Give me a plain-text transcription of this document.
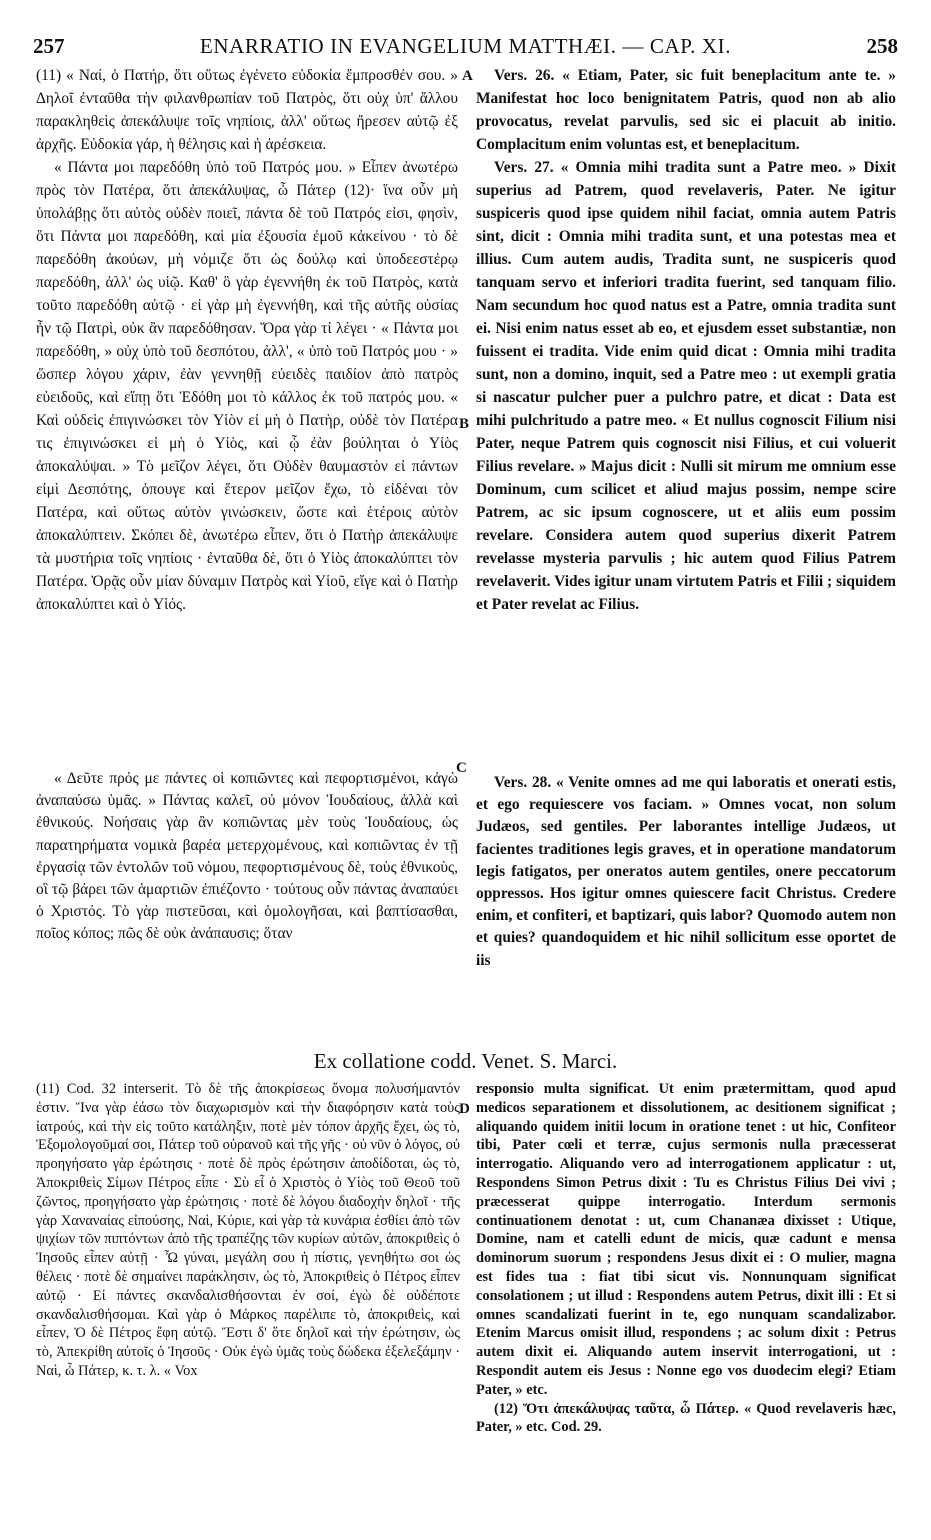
257	ENARRATIO IN EVANGELIUM MATTHÆI. — CAP. XI.	258

(11) « Ναί, ὁ Πατήρ, ὅτι οὕτως ἐγένετο εὐδοκία ἔμπροσθέν σου. » Δηλοῖ ἐνταῦθα τὴν φιλανθρωπίαν τοῦ Πατρὸς, ὅτι οὐχ ὑπ' ἄλλου παρακληθεὶς ἀπεκάλυψε τοῖς νηπίοις, ἀλλ' οὕτως ἤρεσεν αὐτῷ ἐξ ἀρχῆς. Εὐδοκία γάρ, ἡ θέλησις καὶ ἡ ἀρέσκεια.

« Πάντα μοι παρεδόθη ὑπὸ τοῦ Πατρός μου. » Εἶπεν ἀνωτέρω πρὸς τὸν Πατέρα, ὅτι ἀπεκάλυψας, ὦ Πάτερ (12)· ἵνα οὖν μὴ ὑπολάβῃς ὅτι αὐτὸς οὐδὲν ποιεῖ, πάντα δὲ τοῦ Πατρός εἰσι, φησὶν, ὅτι Πάντα μοι παρεδόθη, καὶ μία ἐξουσία ἐμοῦ κἀκείνου · τὸ δὲ παρεδόθη ἀκούων, μὴ νόμιζε ὅτι ὡς δούλῳ καὶ ὑποδεεστέρῳ παρεδόθη, ἀλλ' ὡς υἱῷ. Καθ' ὃ γὰρ ἐγεννήθη ἐκ τοῦ Πατρὸς, κατὰ τοῦτο παρεδόθη αὐτῷ · εἰ γὰρ μὴ ἐγεννήθη, καὶ τῆς αὐτῆς οὐσίας ἦν τῷ Πατρὶ, οὐκ ἂν παρεδόθησαν. Ὅρα γὰρ τί λέγει · « Πάντα μοι παρεδόθη, » οὐχ ὑπὸ τοῦ δεσπότου, ἀλλ', « ὑπὸ τοῦ Πατρός μου · » ὥσπερ λόγου χάριν, ἐὰν γεννηθῇ εὐειδὲς παιδίον ἀπὸ πατρὸς εὐειδοῦς, καὶ εἴπῃ ὅτι Ἐδόθη μοι τὸ κάλλος ἐκ τοῦ πατρός μου. « Καὶ οὐδεὶς ἐπιγινώσκει τὸν Υἱὸν εἰ μὴ ὁ Πατὴρ, οὐδὲ τὸν Πατέρα τις ἐπιγινώσκει εἰ μὴ ὁ Υἱὸς, καὶ ᾧ ἐὰν βούληται ὁ Υἱὸς ἀποκαλύψαι. » Τὸ μεῖζον λέγει, ὅτι Οὐδὲν θαυμαστὸν εἰ πάντων εἰμὶ Δεσπότης, ὁπουγε καὶ ἕτερον μεῖζον ἔχω, τὸ εἰδέναι τὸν Πατέρα, καὶ οὕτως αὐτὸν γινώσκειν, ὥστε καὶ ἑτέροις αὐτὸν ἀποκαλύπτειν. Σκόπει δὲ, ἀνωτέρω εἶπεν, ὅτι ὁ Πατὴρ ἀπεκάλυψε τὰ μυστήρια τοῖς νηπίοις · ἐνταῦθα δὲ, ὅτι ὁ Υἱὸς ἀποκαλύπτει τὸν Πατέρα. Ὁρᾷς οὖν μίαν δύναμιν Πατρὸς καὶ Υἱοῦ, εἴγε καὶ ὁ Πατὴρ ἀποκαλύπτει καὶ ὁ Υἱός.

A
B
C
D

Vers. 26. « Etiam, Pater, sic fuit beneplacitum ante te. » Manifestat hoc loco benignitatem Patris, quod non ab alio provocatus, revelat parvulis, sed sic ei placuit ab initio. Complacitum enim voluntas est, et beneplacitum.

Vers. 27. « Omnia mihi tradita sunt a Patre meo. » Dixit superius ad Patrem, quod revelaveris, Pater. Ne igitur suspiceris quod ipse quidem nihil faciat, omnia autem Patris sint, dicit : Omnia mihi tradita sunt, et una potestas mea et illius. Cum autem audis, Tradita sunt, ne suspiceris quod tanquam servo et inferiori tradita fuerint, sed tanquam filio. Nam secundum hoc quod natus est a Patre, omnia tradita sunt ei. Nisi enim natus esset ab eo, et ejusdem esset substantiæ, non fuissent ei tradita. Vide enim quid dicat : Omnia mihi tradita sunt, non a domino, inquit, sed a Patre meo : ut exempli gratia si nascatur pulcher puer a pulchro patre, et dicat : Data est mihi pulchritudo a patre meo. « Et nullus cognoscit Filium nisi Pater, neque Patrem quis cognoscit nisi Filius, et cui voluerit Filius revelare. » Majus dicit : Nulli sit mirum me omnium esse Dominum, cum scilicet et aliud majus possim, nempe scire Patrem, ac sic ipsum cognoscere, ut et aliis eum possim revelare. Considera autem quod superius dixerit Patrem revelasse mysteria parvulis ; hic autem quod Filius Patrem revelaverit. Vides igitur unam virtutem Patris et Filii ; siquidem et Pater revelat ac Filius.

« Δεῦτε πρός με πάντες οἱ κοπιῶντες καὶ πεφορτισμένοι, κἀγὼ ἀναπαύσω ὑμᾶς. » Πάντας καλεῖ, οὐ μόνον Ἰουδαίους, ἀλλὰ καὶ ἐθνικούς. Νοήσαις γὰρ ἂν κοπιῶντας μὲν τοὺς Ἰουδαίους, ὡς παρατηρήματα νομικὰ βαρέα μετερχομένους, καὶ κοπιῶντας ἐν τῇ ἐργασίᾳ τῶν ἐντολῶν τοῦ νόμου, πεφορτισμένους δὲ, τοὺς ἐθνικοὺς, οἳ τῷ βάρει τῶν ἁμαρτιῶν ἐπιέζοντο · τούτους οὖν πάντας ἀναπαύει ὁ Χριστός. Τὸ γὰρ πιστεῦσαι, καὶ ὁμολογῆσαι, καὶ βαπτίσασθαι, ποῖος κόπος; πῶς δὲ οὐκ ἀνάπαυσις; ὅταν

Vers. 28. « Venite omnes ad me qui laboratis et onerati estis, et ego requiescere vos faciam. » Omnes vocat, non solum Judæos, sed gentiles. Per laborantes intellige Judæos, ut facientes traditiones legis graves, et in operatione mandatorum legis fatigatos, per oneratos autem gentiles, onere peccatorum oppressos. Hos igitur omnes quiescere facit Christus. Credere enim, et confiteri, et baptizari, quis labor? Quomodo autem non et quies? quandoquidem et hic nihil sollicitum esse oportet de iis

Ex collatione codd. Venet. S. Marci.

(11) Cod. 32 interserit. Τὸ δὲ τῆς ἀποκρίσεως ὄνομα πολυσήμαντόν ἐστιν. Ἵνα γὰρ ἐάσω τὸν διαχωρισμὸν καὶ τὴν διαφόρησιν κατὰ τοὺς ἰατρούς, καὶ τὴν εἰς τοῦτο κατάληξιν, ποτὲ μὲν τόπον ἀρχῆς ἔχει, ὡς τὸ, Ἐξομολογοῦμαί σοι, Πάτερ τοῦ οὐρανοῦ καὶ τῆς γῆς · οὐ νῦν ὁ λόγος, οὐ προηγήσατο γὰρ ἐρώτησις · ποτὲ δὲ πρὸς ἐρώτησιν ἀποδίδοται, ὡς τὸ, Ἀποκριθεὶς Σίμων Πέτρος εἶπε · Σὺ εἶ ὁ Χριστὸς ὁ Υἱὸς τοῦ Θεοῦ τοῦ ζῶντος, προηγήσατο γὰρ ἐρώτησις · ποτὲ δὲ λόγου διαδοχὴν δηλοῖ · τῆς γὰρ Χαναναίας εἰπούσης, Ναὶ, Κύριε, καὶ γὰρ τὰ κυνάρια ἐσθίει ἀπὸ τῶν ψιχίων τῶν πιπτόντων ἀπὸ τῆς τραπέζης τῶν κυρίων αὐτῶν, ἀποκριθεὶς ὁ Ἰησοῦς εἶπεν αὐτῇ · Ὦ γύναι, μεγάλη σου ἡ πίστις, γενηθήτω σοι ὡς θέλεις · ποτὲ δὲ σημαίνει παράκλησιν, ὡς τὸ, Ἀποκριθεὶς ὁ Πέτρος εἶπεν αὐτῷ · Εἰ πάντες σκανδαλισθήσονται ἐν σοί, ἐγὼ δὲ οὐδέποτε σκανδαλισθήσομαι. Καὶ γὰρ ὁ Μάρκος παρέλιπε τὸ, ἀποκριθεὶς, καὶ εἶπεν, Ὁ δὲ Πέτρος ἔφη αὐτῷ. Ἔστι δ' ὅτε δηλοῖ καὶ τὴν ἐρώτησιν, ὡς τὸ, Ἀπεκρίθη αὐτοῖς ὁ Ἰησοῦς · Οὐκ ἐγὼ ὑμᾶς τοὺς δώδεκα ἐξελεξάμην · Ναὶ, ὦ Πάτερ, κ. τ. λ. « Vox

responsio multa significat. Ut enim prætermittam, quod apud medicos separationem et dissolutionem, ac desitionem significat ; aliquando quidem initii locum in oratione tenet : ut hic, Confiteor tibi, Pater cœli et terræ, cujus sermonis nulla præcesserat interrogatio. Aliquando vero ad interrogationem applicatur : ut, Respondens Simon Petrus dixit : Tu es Christus Filius Dei vivi ; præcesserat quippe interrogatio. Interdum sermonis continuationem denotat : ut, cum Chananæa dixisset : Utique, Domine, nam et catelli edunt de micis, quæ cadunt e mensa dominorum suorum ; respondens Jesus dixit ei : O mulier, magna est fides tua : fiat tibi sicut vis. Nonnunquam significat consolationem ; ut illud : Respondens autem Petrus, dixit illi : Et si omnes scandalizati fuerint in te, ego nunquam scandalizabor. Etenim Marcus omisit illud, respondens ; ac solum dixit : Petrus autem dixit ei. Aliquando autem inservit interrogationi, ut : Respondit autem eis Jesus : Nonne ego vos duodecim elegi? Etiam Pater, » etc.

(12) Ὅτι ἀπεκάλυψας ταῦτα, ὦ Πάτερ. « Quod revelaveris hæc, Pater, » etc. Cod. 29.
